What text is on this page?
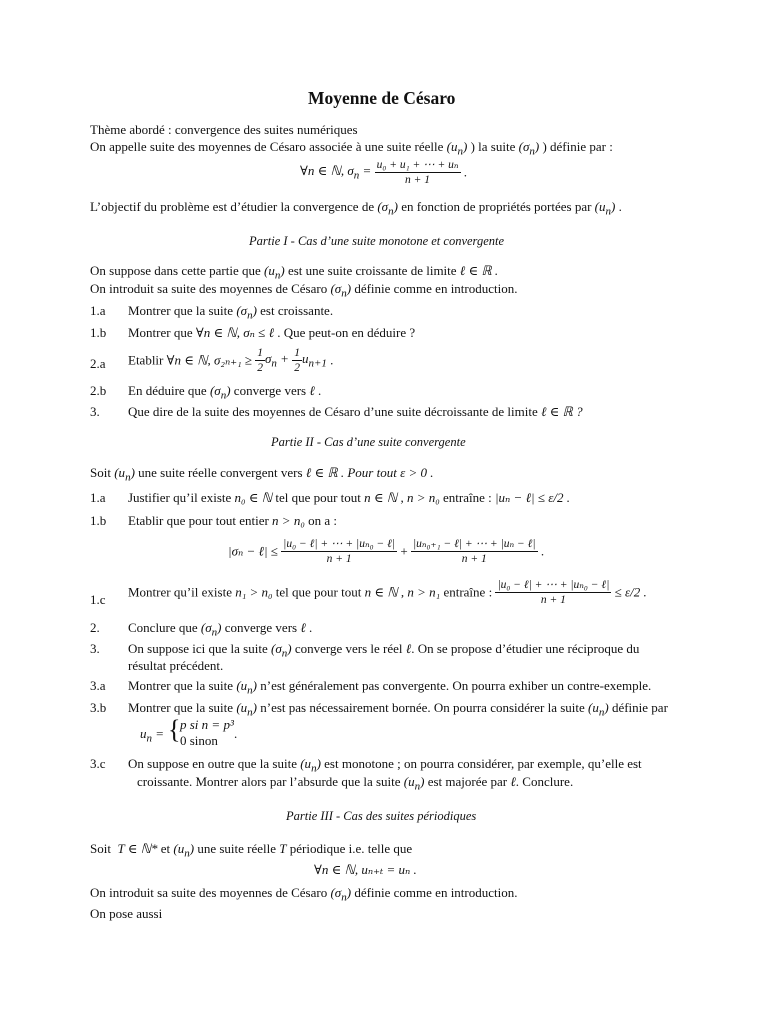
Moyenne de Césaro
Thème abordé : convergence des suites numériques
On appelle suite des moyennes de Césaro associée à une suite réelle $(u_n)$ ) la suite $(\sigma_n)$ ) définie par :
∀n ∈ ℕ, $\sigma_n = \frac{\text{u₀ + u₁ + ⋯ + uₙ}}{n + 1}$ .
L’objectif du problème est d’étudier la convergence de $(\sigma_n)$ en fonction de propriétés portées par $(u_n)$ .
Partie I - Cas d’une suite monotone et convergente
On suppose dans cette partie que $(u_n)$ est une suite croissante de limite ℓ ∈ ℝ .
On introduit sa suite des moyennes de Césaro $(\sigma_n)$ définie comme en introduction.
1.a Montrer que la suite $(\sigma_n)$ est croissante.
1.b Montrer que ∀n ∈ ℕ, σₙ ≤ ℓ . Que peut-on en déduire ?
2.a Etablir ∀n ∈ ℕ, $\sigma_{2n+1} \ge \frac{1}{2} \sigma_n + \frac{1}{2} u_{n+1}$ .
2.b En déduire que $(\sigma_n)$ converge vers ℓ .
3. Que dire de la suite des moyennes de Césaro d’une suite décroissante de limite ℓ ∈ ℝ ?
Partie II - Cas d’une suite convergente
Soit $(u_n)$ une suite réelle convergent vers ℓ ∈ ℝ . Pour tout ε > 0 .
1.a Justifier qu’il existe n₀ ∈ ℕ tel que pour tout n ∈ ℕ , n > n₀ entraîne : |uₙ − ℓ| ≤ ε/2 .
1.b Etablir que pour tout entier n > n₀ on a :
|σₙ − ℓ| ≤ $\frac{\text{|u₀ − ℓ| + ⋯ + |uₙ₀ − ℓ|}}{n + 1} + \frac{\text{|uₙ₀₊₁ − ℓ| + ⋯ + |uₙ − ℓ|}}{n + 1}$ .
1.c Montrer qu’il existe n₁ > n₀ tel que pour tout n ∈ ℕ , n > n₁ entraîne : $\frac{\text{|u₀ − ℓ| + ⋯ + |uₙ₀ − ℓ|}}{n + 1} \le \varepsilon/2$ .
2. Conclure que $(\sigma_n)$ converge vers ℓ .
3. On suppose ici que la suite $(\sigma_n)$ converge vers le réel ℓ. On se propose d’étudier une réciproque du
résultat précédent.
3.a Montrer que la suite $(u_n)$ n’est généralement pas convergente. On pourra exhiber un contre-exemple.
3.b Montrer que la suite $(u_n)$ n’est pas nécessairement bornée. On pourra considérer la suite $(u_n)$ définie par
$u_n$ = { p si n = p³
0 sinon .
3.c On suppose en outre que la suite $(u_n)$ est monotone ; on pourra considérer, par exemple, qu’elle est
croissante. Montrer alors par l’absurde que la suite $(u_n)$ est majorée par ℓ. Conclure.
Partie III - Cas des suites périodiques
Soit T ∈ ℕ* et $(u_n)$ une suite réelle T périodique i.e. telle que
∀n ∈ ℕ, uₙ₊ₜ = uₙ .
On introduit sa suite des moyennes de Césaro $(\sigma_n)$ définie comme en introduction.
On pose aussi
